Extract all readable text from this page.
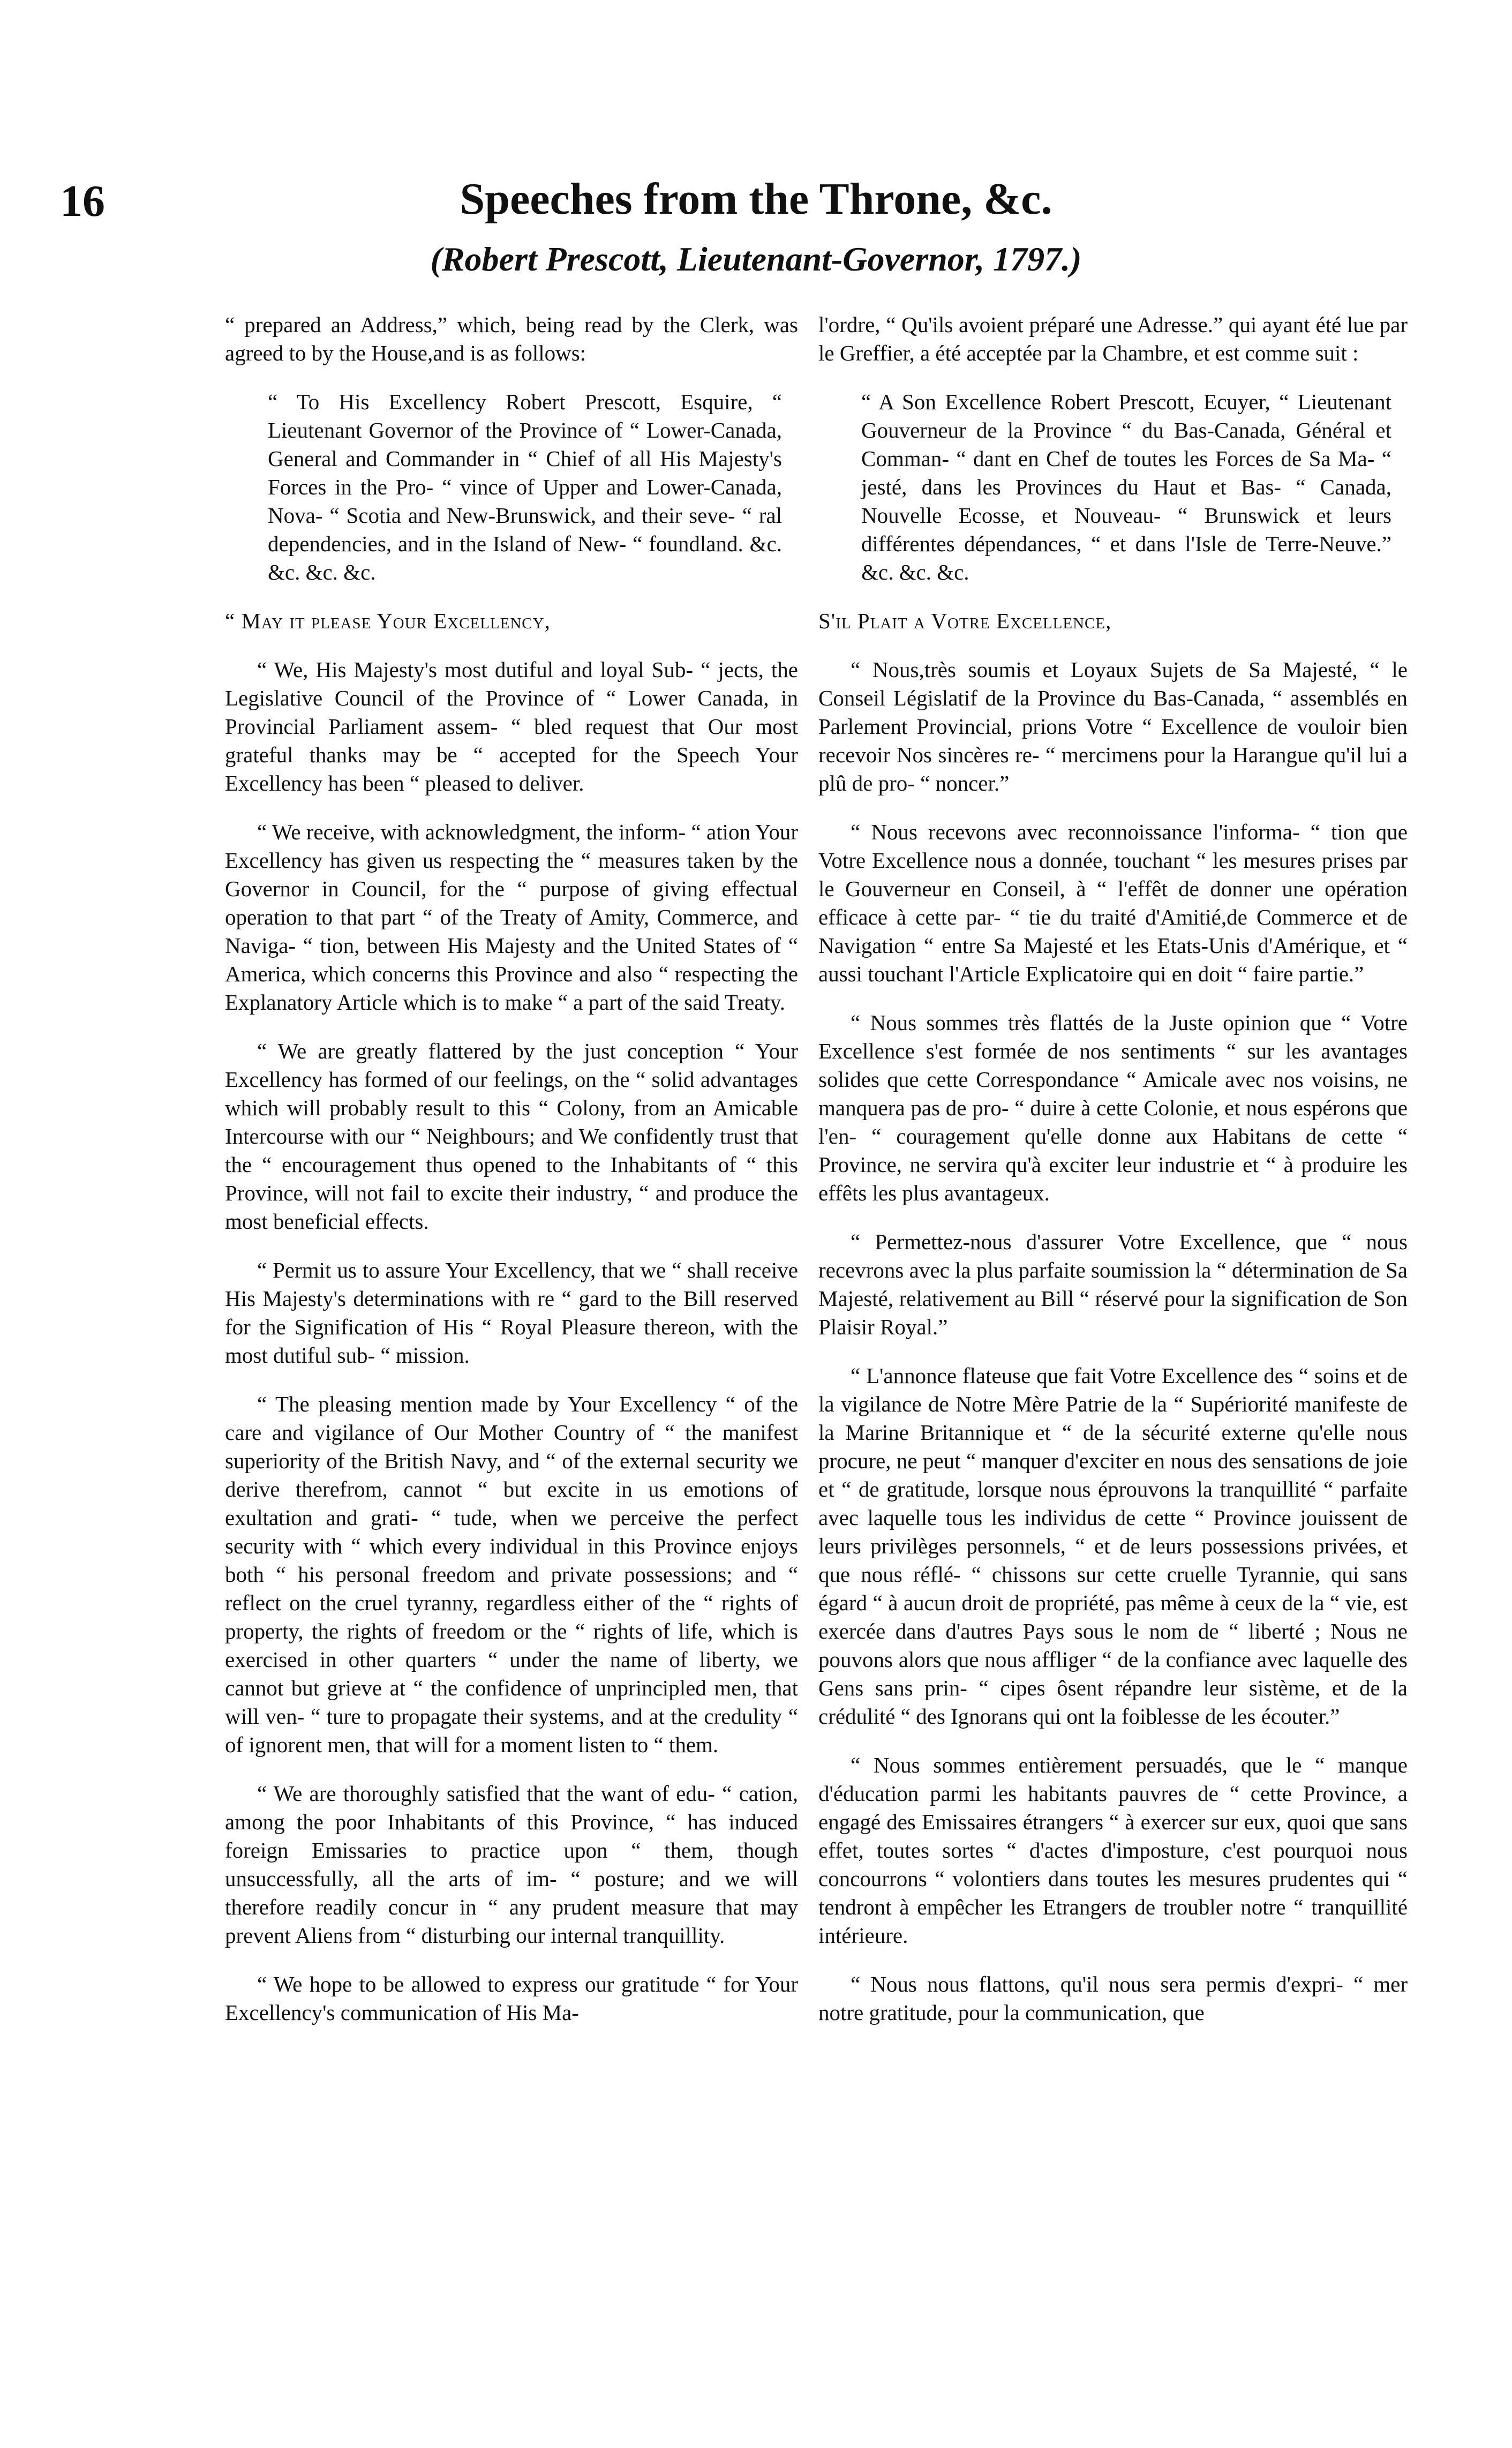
16	Speeches from the Throne, &c.
(Robert Prescott, Lieutenant-Governor, 1797.)

“ prepared an Address,” which, being read by the Clerk, was agreed to by the House,and is as follows:

“ To His Excellency Robert Prescott, Esquire, “ Lieutenant Governor of the Province of “ Lower-Canada, General and Commander in “ Chief of all His Majesty's Forces in the Pro- “ vince of Upper and Lower-Canada, Nova- “ Scotia and New-Brunswick, and their seve- “ ral dependencies, and in the Island of New- “ foundland. &c. &c. &c. &c.

“ May it please Your Excellency,

“ We, His Majesty's most dutiful and loyal Sub- “ jects, the Legislative Council of the Province of “ Lower Canada, in Provincial Parliament assem- “ bled request that Our most grateful thanks may be “ accepted for the Speech Your Excellency has been “ pleased to deliver.

“ We receive, with acknowledgment, the inform- “ ation Your Excellency has given us respecting the “ measures taken by the Governor in Council, for the “ purpose of giving effectual operation to that part “ of the Treaty of Amity, Commerce, and Naviga- “ tion, between His Majesty and the United States of “ America, which concerns this Province and also “ respecting the Explanatory Article which is to make “ a part of the said Treaty.

“ We are greatly flattered by the just conception “ Your Excellency has formed of our feelings, on the “ solid advantages which will probably result to this “ Colony, from an Amicable Intercourse with our “ Neighbours; and We confidently trust that the “ encouragement thus opened to the Inhabitants of “ this Province, will not fail to excite their industry, “ and produce the most beneficial effects.

“ Permit us to assure Your Excellency, that we “ shall receive His Majesty's determinations with re “ gard to the Bill reserved for the Signification of His “ Royal Pleasure thereon, with the most dutiful sub- “ mission.

“ The pleasing mention made by Your Excellency “ of the care and vigilance of Our Mother Country of “ the manifest superiority of the British Navy, and “ of the external security we derive therefrom, cannot “ but excite in us emotions of exultation and grati- “ tude, when we perceive the perfect security with “ which every individual in this Province enjoys both “ his personal freedom and private possessions; and “ reflect on the cruel tyranny, regardless either of the “ rights of property, the rights of freedom or the “ rights of life, which is exercised in other quarters “ under the name of liberty, we cannot but grieve at “ the confidence of unprincipled men, that will ven- “ ture to propagate their systems, and at the credulity “ of ignorent men, that will for a moment listen to “ them.

“ We are thoroughly satisfied that the want of edu- “ cation, among the poor Inhabitants of this Province, “ has induced foreign Emissaries to practice upon “ them, though unsuccessfully, all the arts of im- “ posture; and we will therefore readily concur in “ any prudent measure that may prevent Aliens from “ disturbing our internal tranquillity.

“ We hope to be allowed to express our gratitude “ for Your Excellency's communication of His Ma-

l'ordre, “ Qu'ils avoient préparé une Adresse.” qui ayant été lue par le Greffier, a été acceptée par la Chambre, et est comme suit :

“ A Son Excellence Robert Prescott, Ecuyer, “ Lieutenant Gouverneur de la Province “ du Bas-Canada, Général et Comman- “ dant en Chef de toutes les Forces de Sa Ma- “ jesté, dans les Provinces du Haut et Bas- “ Canada, Nouvelle Ecosse, et Nouveau- “ Brunswick et leurs différentes dépendances, “ et dans l'Isle de Terre-Neuve.” &c. &c. &c.

S'il Plait a Votre Excellence,

“ Nous,très soumis et Loyaux Sujets de Sa Majesté, “ le Conseil Législatif de la Province du Bas-Canada, “ assemblés en Parlement Provincial, prions Votre “ Excellence de vouloir bien recevoir Nos sincères re- “ mercimens pour la Harangue qu'il lui a plû de pro- “ noncer.”

“ Nous recevons avec reconnoissance l'informa- “ tion que Votre Excellence nous a donnée, touchant “ les mesures prises par le Gouverneur en Conseil, à “ l'effêt de donner une opération efficace à cette par- “ tie du traité d'Amitié,de Commerce et de Navigation “ entre Sa Majesté et les Etats-Unis d'Amérique, et “ aussi touchant l'Article Explicatoire qui en doit “ faire partie.”

“ Nous sommes très flattés de la Juste opinion que “ Votre Excellence s'est formée de nos sentiments “ sur les avantages solides que cette Correspondance “ Amicale avec nos voisins, ne manquera pas de pro- “ duire à cette Colonie, et nous espérons que l'en- “ couragement qu'elle donne aux Habitans de cette “ Province, ne servira qu'à exciter leur industrie et “ à produire les effêts les plus avantageux.

“ Permettez-nous d'assurer Votre Excellence, que “ nous recevrons avec la plus parfaite soumission la “ détermination de Sa Majesté, relativement au Bill “ réservé pour la signification de Son Plaisir Royal.”

“ L'annonce flateuse que fait Votre Excellence des “ soins et de la vigilance de Notre Mère Patrie de la “ Supériorité manifeste de la Marine Britannique et “ de la sécurité externe qu'elle nous procure, ne peut “ manquer d'exciter en nous des sensations de joie et “ de gratitude, lorsque nous éprouvons la tranquillité “ parfaite avec laquelle tous les individus de cette “ Province jouissent de leurs privilèges personnels, “ et de leurs possessions privées, et que nous réflé- “ chissons sur cette cruelle Tyrannie, qui sans égard “ à aucun droit de propriété, pas même à ceux de la “ vie, est exercée dans d'autres Pays sous le nom de “ liberté ; Nous ne pouvons alors que nous affliger “ de la confiance avec laquelle des Gens sans prin- “ cipes ôsent répandre leur sistème, et de la crédulité “ des Ignorans qui ont la foiblesse de les écouter.”

“ Nous sommes entièrement persuadés, que le “ manque d'éducation parmi les habitants pauvres de “ cette Province, a engagé des Emissaires étrangers “ à exercer sur eux, quoi que sans effet, toutes sortes “ d'actes d'imposture, c'est pourquoi nous concourrons “ volontiers dans toutes les mesures prudentes qui “ tendront à empêcher les Etrangers de troubler notre “ tranquillité intérieure.

“ Nous nous flattons, qu'il nous sera permis d'expri- “ mer notre gratitude, pour la communication, que
